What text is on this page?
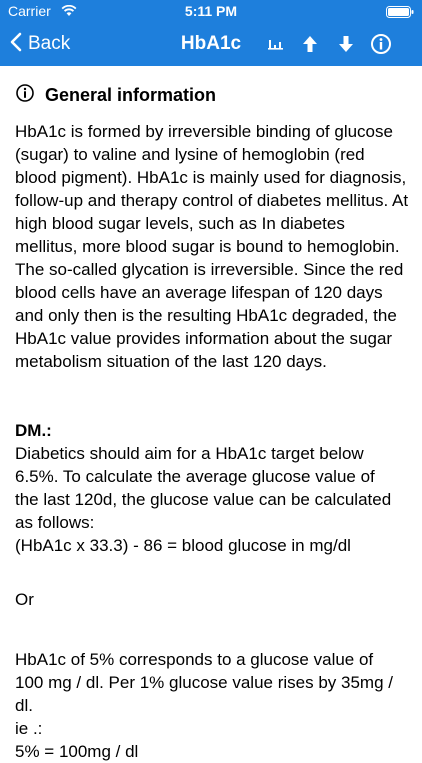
Carrier	5:11 PM
Back	HbA1c
General information

HbA1c is formed by irreversible binding of glucose (sugar) to valine and lysine of hemoglobin (red blood pigment). HbA1c is mainly used for diagnosis, follow-up and therapy control of diabetes mellitus. At high blood sugar levels, such as In diabetes mellitus, more blood sugar is bound to hemoglobin. The so-called glycation is irreversible. Since the red blood cells have an average lifespan of 120 days and only then is the resulting HbA1c degraded, the HbA1c value provides information about the sugar metabolism situation of the last 120 days.

DM.:
Diabetics should aim for a HbA1c target below
6.5%. To calculate the average glucose value of
the last 120d, the glucose value can be calculated
as follows:
(HbA1c x 33.3) - 86 = blood glucose in mg/dl
Or
HbA1c of 5% corresponds to a glucose value of
100 mg / dl. Per 1% glucose value rises by 35mg /
dl.
ie .:
5% = 100mg / dl
